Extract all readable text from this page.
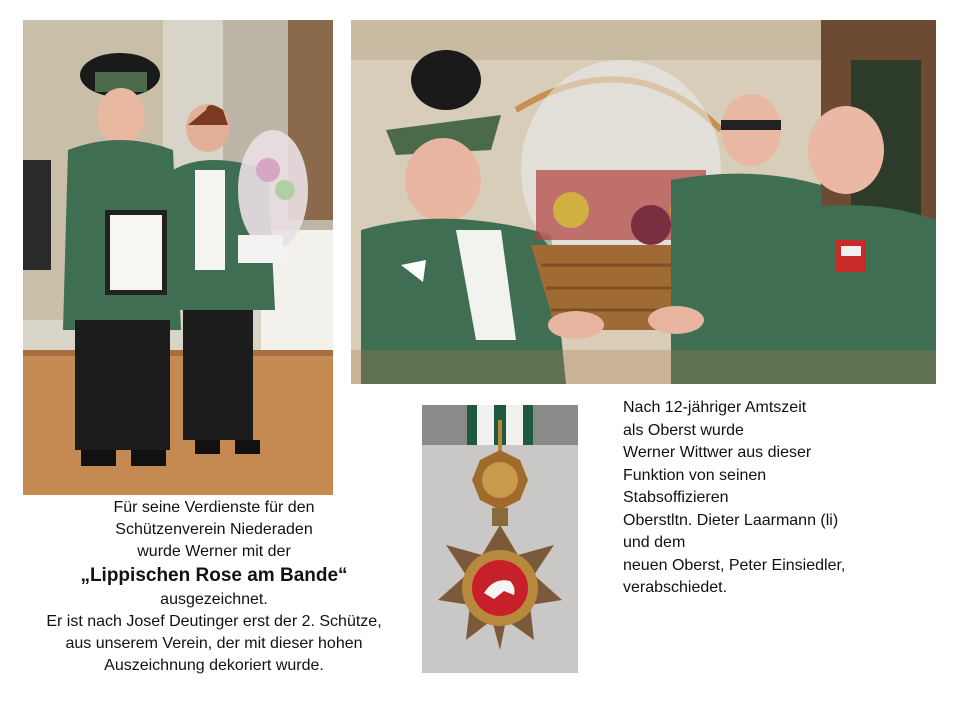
Für seine Verdienste für den
Schützenverein Niederaden
wurde Werner mit der
„Lippischen Rose am Bande“
ausgezeichnet.
Er ist nach Josef Deutinger erst der 2. Schütze,
aus unserem Verein, der mit dieser hohen
Auszeichnung dekoriert wurde.
Nach 12-jähriger Amtszeit
als Oberst wurde
Werner Wittwer aus dieser
Funktion von seinen
Stabsoffizieren
Oberstltn. Dieter Laarmann (li)
und dem
neuen Oberst, Peter Einsiedler,
verabschiedet.
